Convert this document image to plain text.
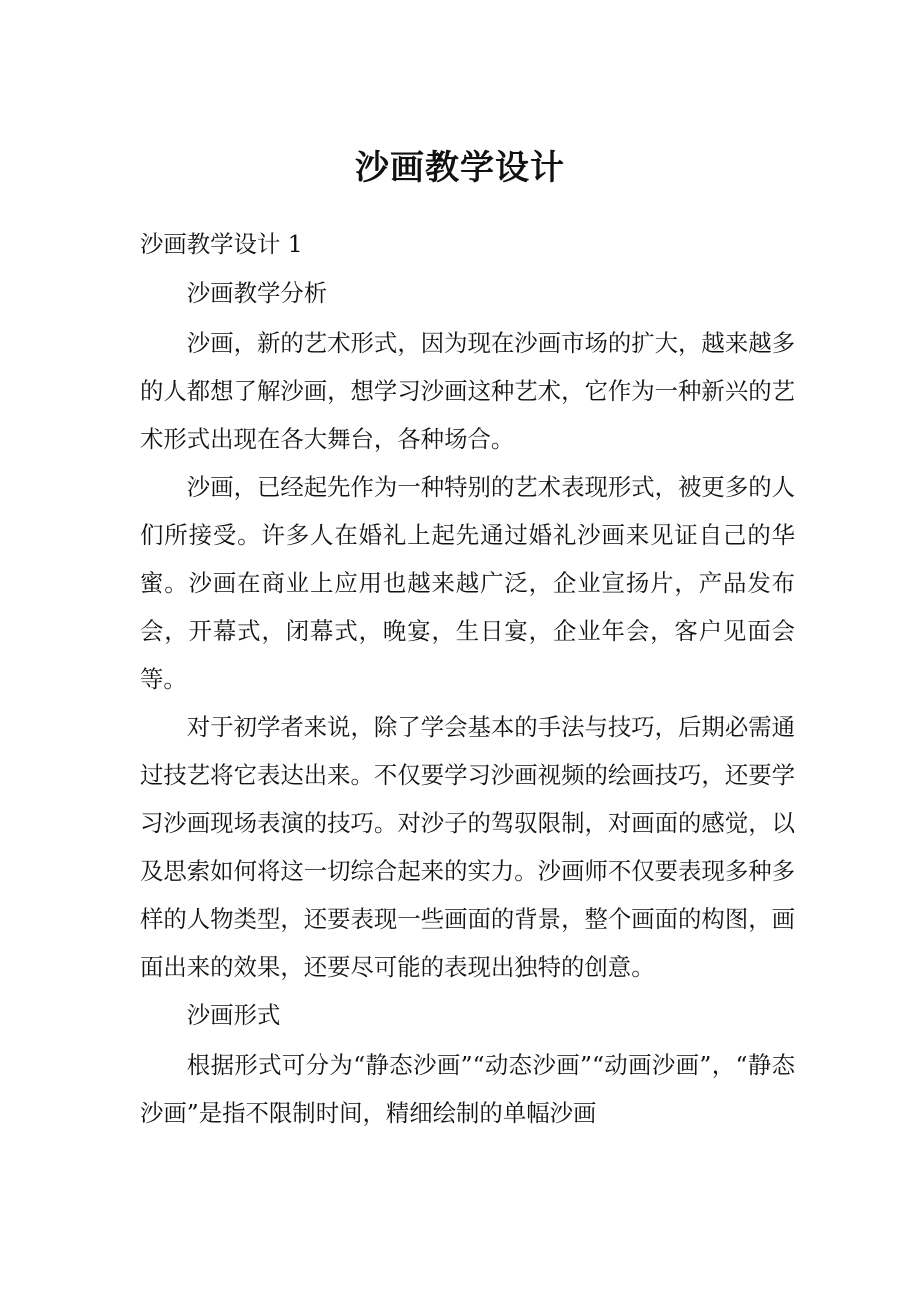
沙画教学设计

沙画教学设计 1

沙画教学分析

沙画，新的艺术形式，因为现在沙画市场的扩大，越来越多的人都想了解沙画，想学习沙画这种艺术，它作为一种新兴的艺术形式出现在各大舞台，各种场合。

沙画，已经起先作为一种特别的艺术表现形式，被更多的人们所接受。许多人在婚礼上起先通过婚礼沙画来见证自己的华蜜。沙画在商业上应用也越来越广泛，企业宣扬片，产品发布会，开幕式，闭幕式，晚宴，生日宴，企业年会，客户见面会等。

对于初学者来说，除了学会基本的手法与技巧，后期必需通过技艺将它表达出来。不仅要学习沙画视频的绘画技巧，还要学习沙画现场表演的技巧。对沙子的驾驭限制，对画面的感觉，以及思索如何将这一切综合起来的实力。沙画师不仅要表现多种多样的人物类型，还要表现一些画面的背景，整个画面的构图，画面出来的效果，还要尽可能的表现出独特的创意。

沙画形式

根据形式可分为“静态沙画”“动态沙画”“动画沙画”，“静态沙画”是指不限制时间，精细绘制的单幅沙画
